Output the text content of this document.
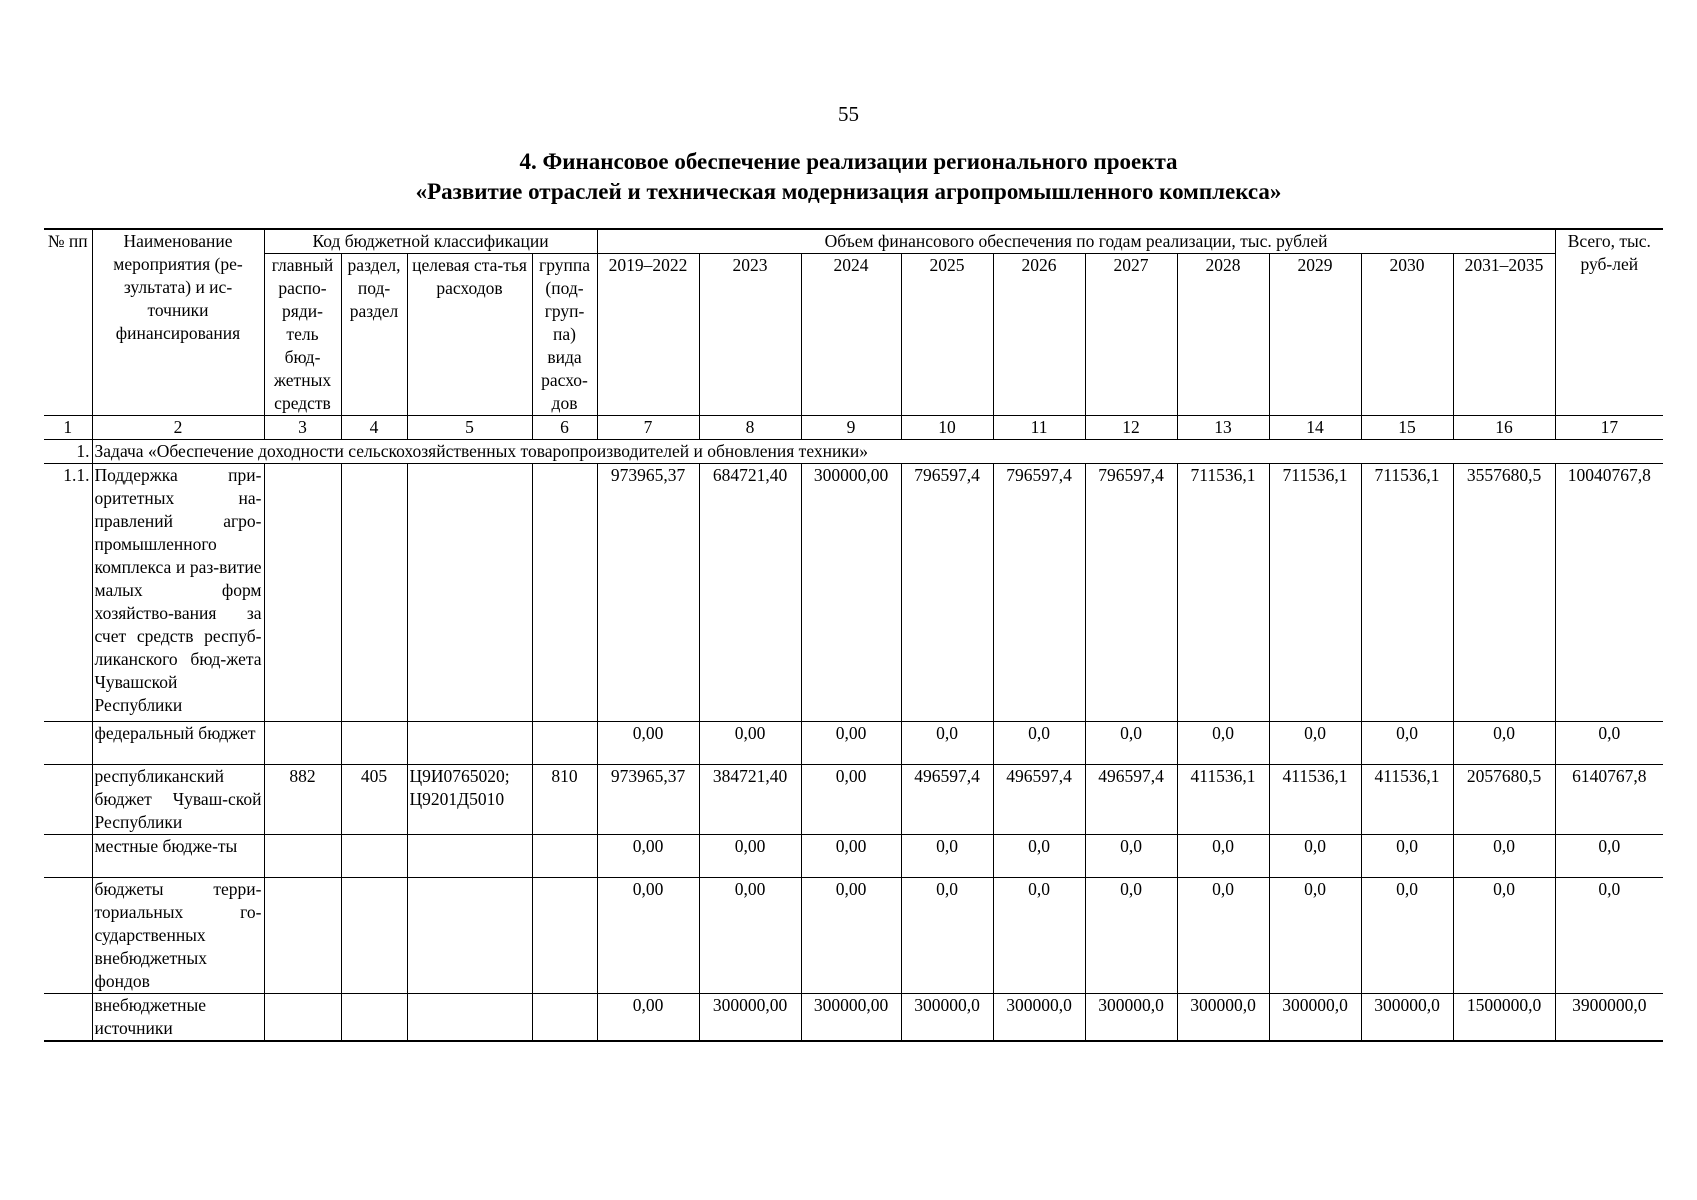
55
4. Финансовое обеспечение реализации регионального проекта
«Развитие отраслей и техническая модернизация агропромышленного комплекса»
№ пп	Наименование мероприятия (ре-зультата) и ис-точники финансирования	Код бюджетной классификации				Объем финансового обеспечения по годам реализации, тыс. рублей										Всего, тыс. руб-лей
		главный распо-ряди-тель бюд-жетных средств	раздел, под-раздел	целевая ста-тья расходов	группа (под-груп-па) вида расхо-дов	2019–2022	2023	2024	2025	2026	2027	2028	2029	2030	2031–2035	
1	2	3	4	5	6	7	8	9	10	11	12	13	14	15	16	17
1.	Задача «Обеспечение доходности сельскохозяйственных товаропроизводителей и обновления техники»															
1.1.	Поддержка при-оритетных на-правлений агро-промышленного комплекса и раз-витие малых форм хозяйство-вания за счет средств респуб-ликанского бюд-жета Чувашской Республики					973965,37	684721,40	300000,00	796597,4	796597,4	796597,4	711536,1	711536,1	711536,1	3557680,5	10040767,8
	федеральный бюджет					0,00	0,00	0,00	0,0	0,0	0,0	0,0	0,0	0,0	0,0	0,0
	республиканский бюджет Чуваш-ской Республики	882	405	Ц9И0765020; Ц9201Д5010	810	973965,37	384721,40	0,00	496597,4	496597,4	496597,4	411536,1	411536,1	411536,1	2057680,5	6140767,8
	местные бюдже-ты					0,00	0,00	0,00	0,0	0,0	0,0	0,0	0,0	0,0	0,0	0,0
	бюджеты терри-ториальных го-сударственных внебюджетных фондов					0,00	0,00	0,00	0,0	0,0	0,0	0,0	0,0	0,0	0,0	0,0
	внебюджетные источники					0,00	300000,00	300000,00	300000,0	300000,0	300000,0	300000,0	300000,0	300000,0	1500000,0	3900000,0
